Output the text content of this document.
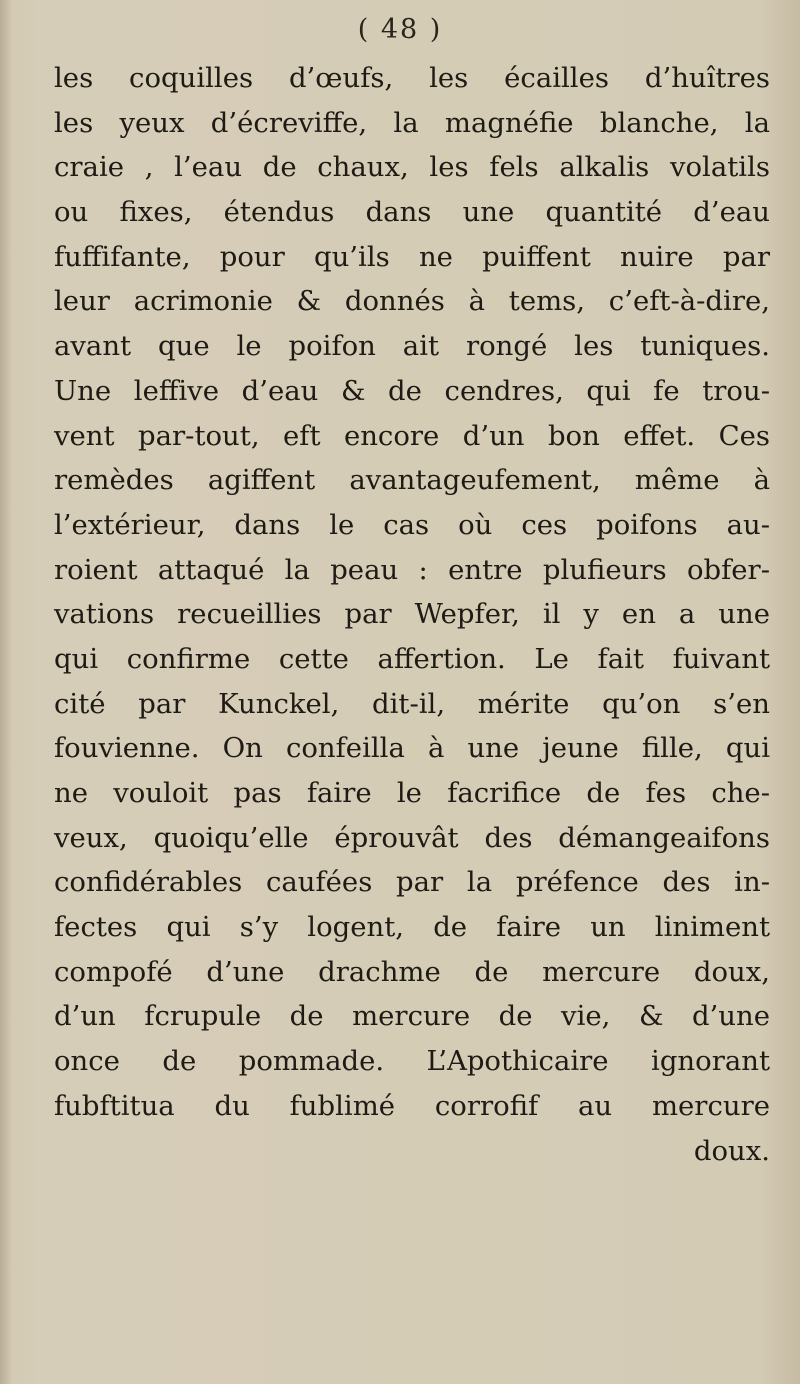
( 48 )
les coquilles d’œufs, les écailles d’huîtres
les yeux d’écreviffe, la magnéfie blanche, la
craie , l’eau de chaux, les fels alkalis volatils
ou fixes, étendus dans une quantité d’eau
fuffifante, pour qu’ils ne puiffent nuire par
leur acrimonie & donnés à tems, c’eft-à-dire,
avant que le poifon ait rongé les tuniques.
Une leffive d’eau & de cendres, qui fe trou-
vent par-tout, eft encore d’un bon effet. Ces
remèdes agiffent avantageufement, même à
l’extérieur, dans le cas où ces poifons au-
roient attaqué la peau : entre plufieurs obfer-
vations recueillies par Wepfer, il y en a une
qui confirme cette affertion. Le fait fuivant
cité par Kunckel, dit-il, mérite qu’on s’en
fouvienne. On confeilla à une jeune fille, qui
ne vouloit pas faire le facrifice de fes che-
veux, quoiqu’elle éprouvât des démangeaifons
confidérables caufées par la préfence des in-
fectes qui s’y logent, de faire un liniment
compofé d’une drachme de mercure doux,
d’un fcrupule de mercure de vie, & d’une
once de pommade. L’Apothicaire ignorant
fubftitua du fublimé corrofif au mercure
doux.
